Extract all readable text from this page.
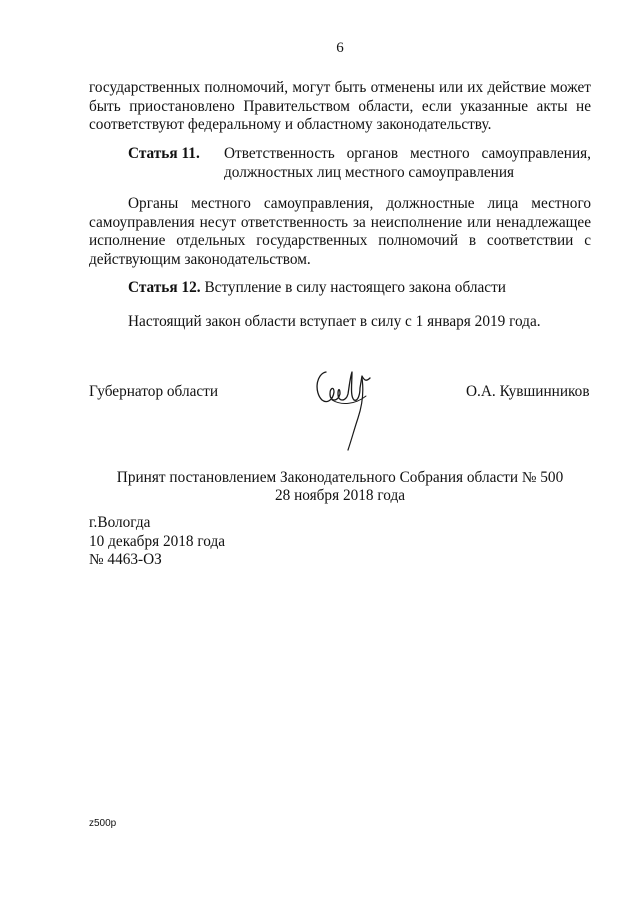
6
государственных полномочий, могут быть отменены или их действие может быть приостановлено Правительством области, если указанные акты не соответствуют федеральному и областному законодательству.
Статья 11.	Ответственность органов местного самоуправления,
должностных лиц местного самоуправления
Органы местного самоуправления, должностные лица местного самоуправления несут ответственность за неисполнение или ненадлежащее исполнение отдельных государственных полномочий в соответствии с действующим законодательством.
Статья 12. Вступление в силу настоящего закона области
Настоящий закон области вступает в силу с 1 января 2019 года.
Губернатор области	О.А. Кувшинников
Принят постановлением Законодательного Собрания области № 500
28 ноября 2018 года
г.Вологда
10 декабря 2018 года
№ 4463-ОЗ
z500p
